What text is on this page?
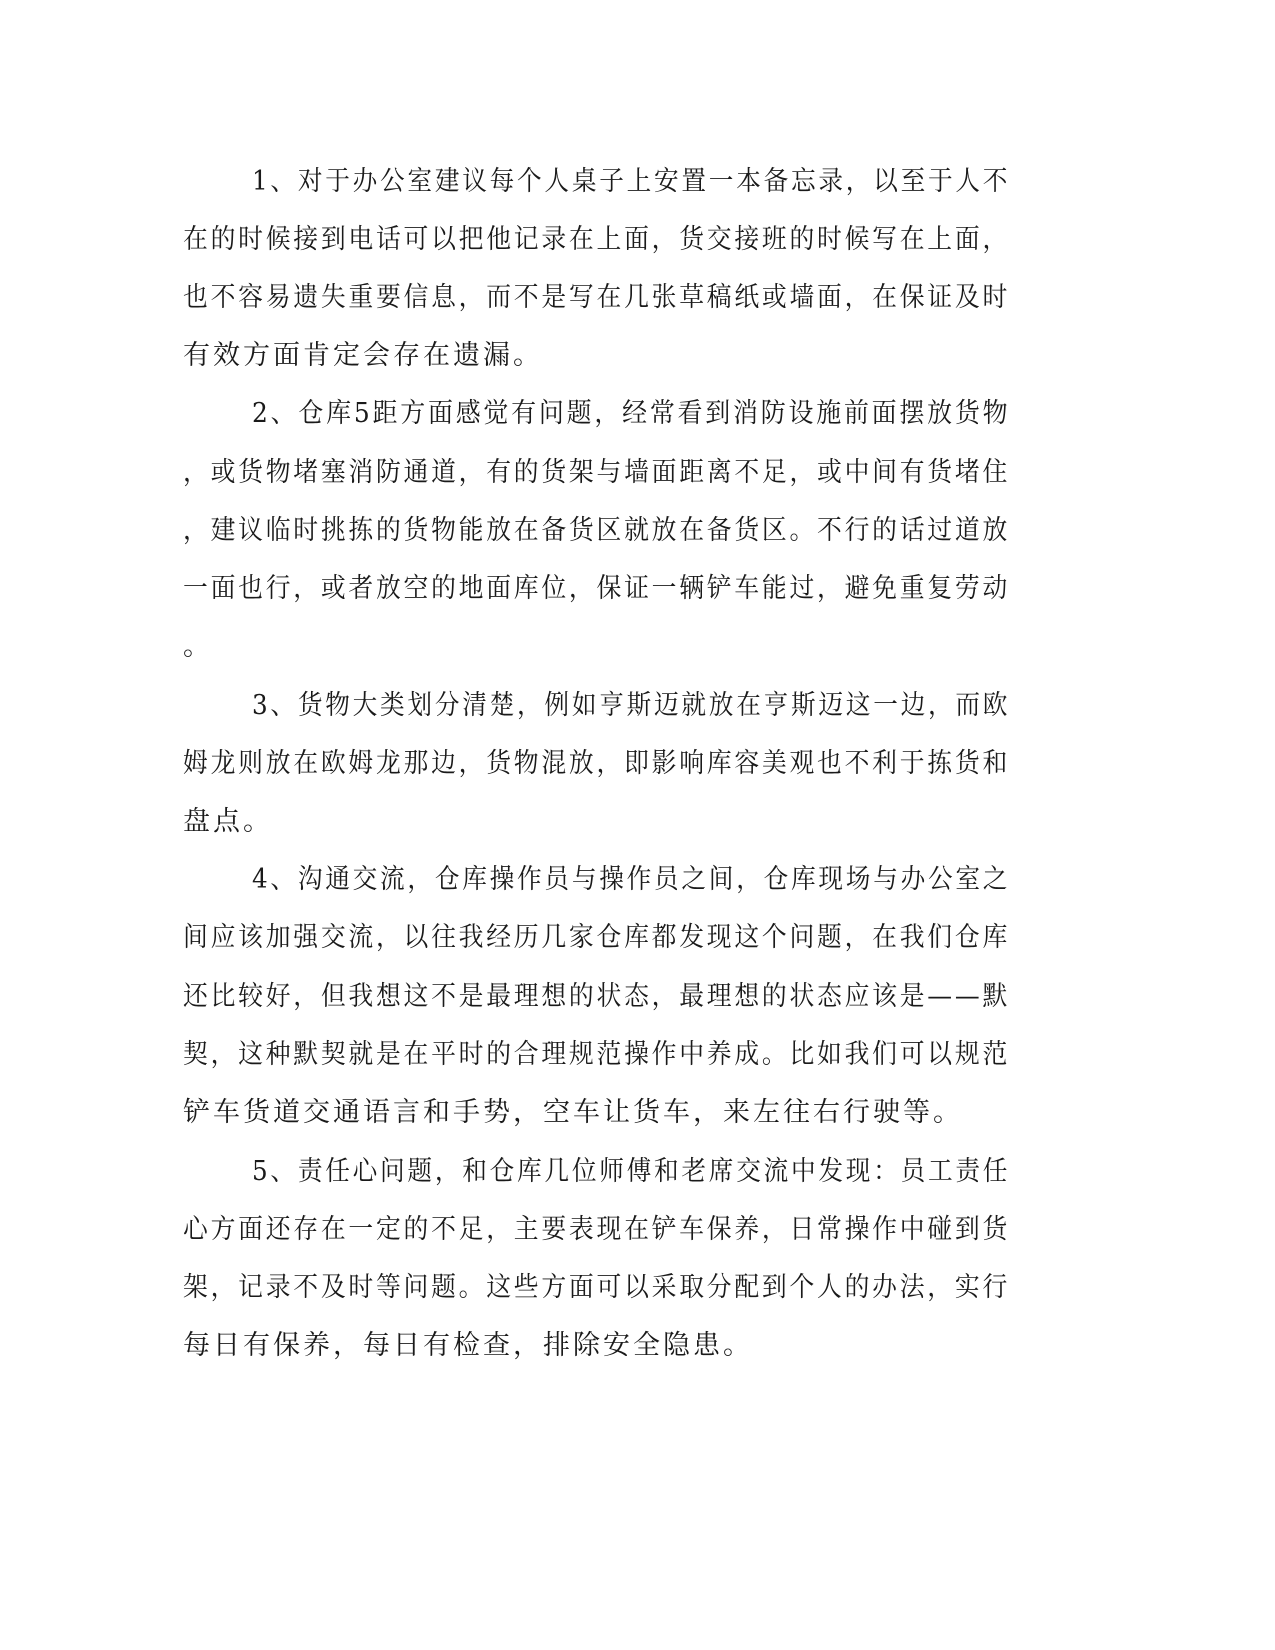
1、对于办公室建议每个人桌子上安置一本备忘录，以至于人不
在的时候接到电话可以把他记录在上面，货交接班的时候写在上面，
也不容易遗失重要信息，而不是写在几张草稿纸或墙面，在保证及时
有效方面肯定会存在遗漏。
2、仓库5距方面感觉有问题，经常看到消防设施前面摆放货物
，或货物堵塞消防通道，有的货架与墙面距离不足，或中间有货堵住
，建议临时挑拣的货物能放在备货区就放在备货区。不行的话过道放
一面也行，或者放空的地面库位，保证一辆铲车能过，避免重复劳动
。
3、货物大类划分清楚，例如亨斯迈就放在亨斯迈这一边，而欧
姆龙则放在欧姆龙那边，货物混放，即影响库容美观也不利于拣货和
盘点。
4、沟通交流，仓库操作员与操作员之间，仓库现场与办公室之
间应该加强交流，以往我经历几家仓库都发现这个问题，在我们仓库
还比较好，但我想这不是最理想的状态，最理想的状态应该是——默
契，这种默契就是在平时的合理规范操作中养成。比如我们可以规范
铲车货道交通语言和手势，空车让货车，来左往右行驶等。
5、责任心问题，和仓库几位师傅和老席交流中发现：员工责任
心方面还存在一定的不足，主要表现在铲车保养，日常操作中碰到货
架，记录不及时等问题。这些方面可以采取分配到个人的办法，实行
每日有保养，每日有检查，排除安全隐患。
